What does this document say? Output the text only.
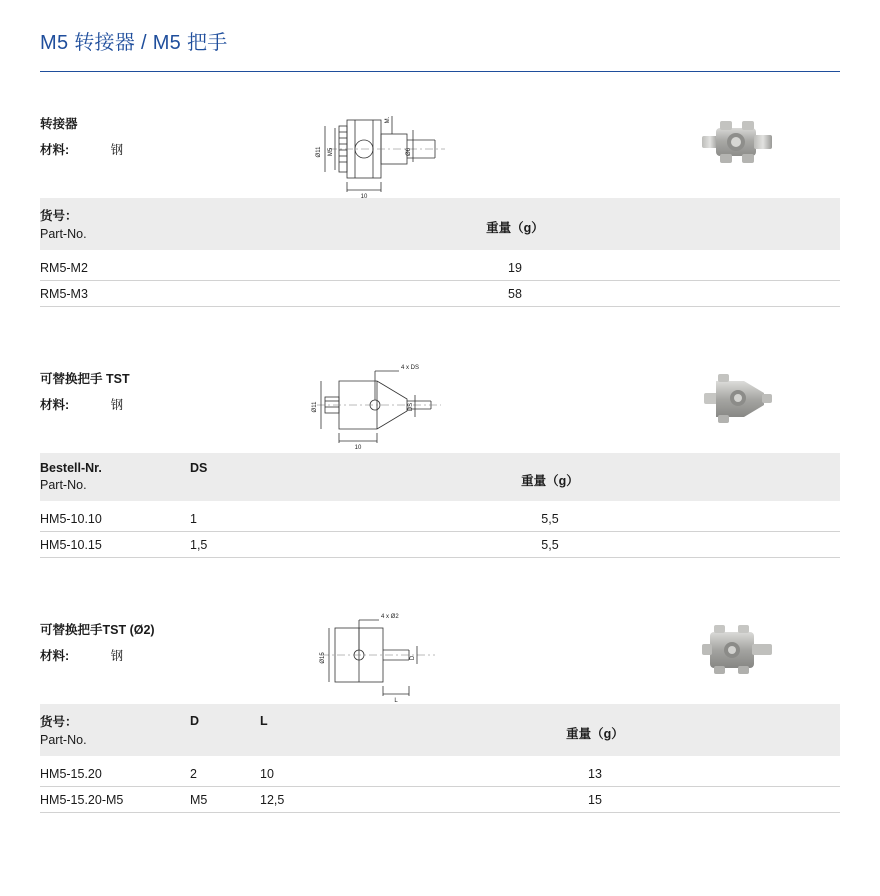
M5 转接器 / M5 把手
转接器
材料:	钢	Ø11 M5
M.
Ø6
10
货号：
Part-No.	重量（g）

RM5-M2	19
RM5-M3	58
可替换把手 TST
材料:	钢
4 x DS
Ø11	DS
10
Bestell-Nr.
Part-No.	DS	重量（g）

HM5-10.10	1	5,5
HM5-10.15	1,5	5,5
可替换把手TST (Ø2)
材料:	钢
4 x Ø2
Ø15	D
L
货号：
Part-No.	D	L	重量（g）

HM5-15.20	2	10	13
HM5-15.20-M5	M5	12,5	15
